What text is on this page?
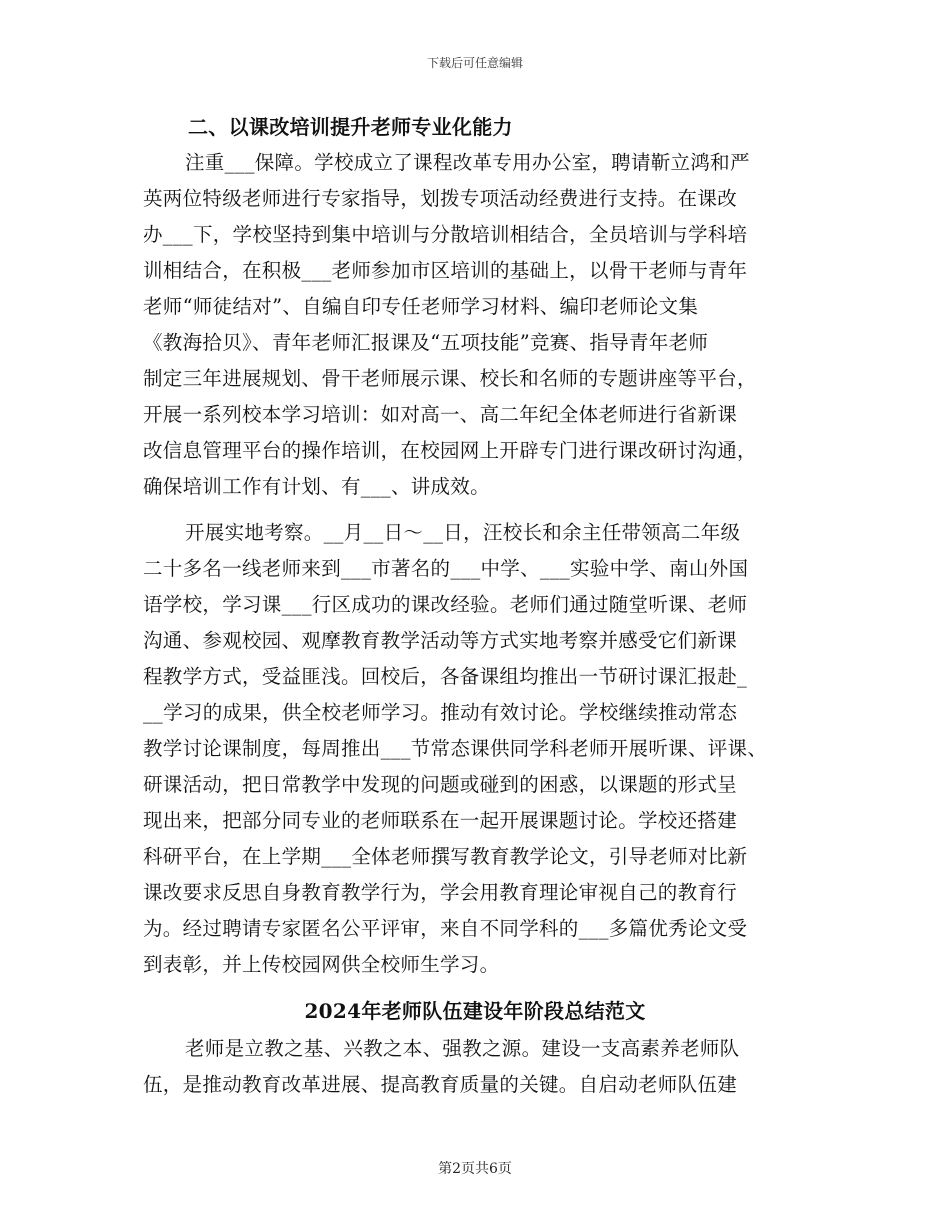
下载后可任意编辑
二、以课改培训提升老师专业化能力
注重___保障。学校成立了课程改革专用办公室，聘请靳立鸿和严
英两位特级老师进行专家指导，划拨专项活动经费进行支持。在课改
办___下，学校坚持到集中培训与分散培训相结合，全员培训与学科培
训相结合，在积极___老师参加市区培训的基础上，以骨干老师与青年
老师“师徒结对”、自编自印专任老师学习材料、编印老师论文集
《教海拾贝》、青年老师汇报课及“五项技能”竞赛、指导青年老师
制定三年进展规划、骨干老师展示课、校长和名师的专题讲座等平台，
开展一系列校本学习培训：如对高一、高二年纪全体老师进行省新课
改信息管理平台的操作培训，在校园网上开辟专门进行课改研讨沟通，
确保培训工作有计划、有___、讲成效。
开展实地考察。__月__日～__日，汪校长和余主任带领高二年级
二十多名一线老师来到___市著名的___中学、___实验中学、南山外国
语学校，学习课___行区成功的课改经验。老师们通过随堂听课、老师
沟通、参观校园、观摩教育教学活动等方式实地考察并感受它们新课
程教学方式，受益匪浅。回校后，各备课组均推出一节研讨课汇报赴_
__学习的成果，供全校老师学习。推动有效讨论。学校继续推动常态
教学讨论课制度，每周推出___节常态课供同学科老师开展听课、评课、
研课活动，把日常教学中发现的问题或碰到的困惑，以课题的形式呈
现出来，把部分同专业的老师联系在一起开展课题讨论。学校还搭建
科研平台，在上学期___全体老师撰写教育教学论文，引导老师对比新
课改要求反思自身教育教学行为，学会用教育理论审视自己的教育行
为。经过聘请专家匿名公平评审，来自不同学科的___多篇优秀论文受
到表彰，并上传校园网供全校师生学习。
2024年老师队伍建设年阶段总结范文
老师是立教之基、兴教之本、强教之源。建设一支高素养老师队
伍，是推动教育改革进展、提高教育质量的关键。自启动老师队伍建
第2页共6页
